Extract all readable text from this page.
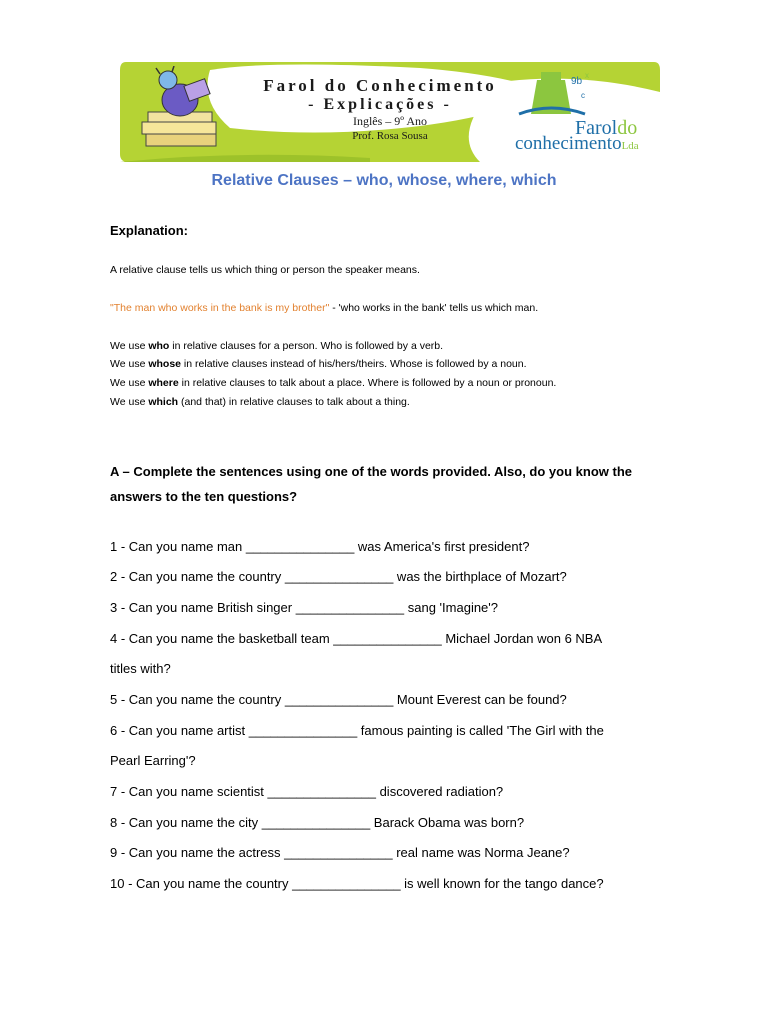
Farol do Conhecimento
- Explicações -
Inglês – 9º Ano
Prof. Rosa Sousa
9b
x
c
Faroldo
conhecimentoLda
Relative Clauses – who, whose, where, which
Explanation:
A relative clause tells us which thing or person the speaker means.
"The man who works in the bank is my brother" - 'who works in the bank' tells us which man.
We use who in relative clauses for a person. Who is followed by a verb.
We use whose in relative clauses instead of his/hers/theirs. Whose is followed by a noun.
We use where in relative clauses to talk about a place. Where is followed by a noun or pronoun.
We use which (and that) in relative clauses to talk about a thing.
A – Complete the sentences using one of the words provided. Also, do you know the answers to the ten questions?
1 - Can you name man _______________ was America's first president?
2 - Can you name the country _______________ was the birthplace of Mozart?
3 - Can you name British singer _______________ sang 'Imagine'?
4 - Can you name the basketball team _______________ Michael Jordan won 6 NBA
titles with?
5 - Can you name the country _______________ Mount Everest can be found?
6 - Can you name artist _______________ famous painting is called 'The Girl with the
Pearl Earring'?
7 - Can you name scientist _______________ discovered radiation?
8 - Can you name the city _______________ Barack Obama was born?
9 - Can you name the actress _______________ real name was Norma Jeane?
10 - Can you name the country _______________ is well known for the tango dance?
